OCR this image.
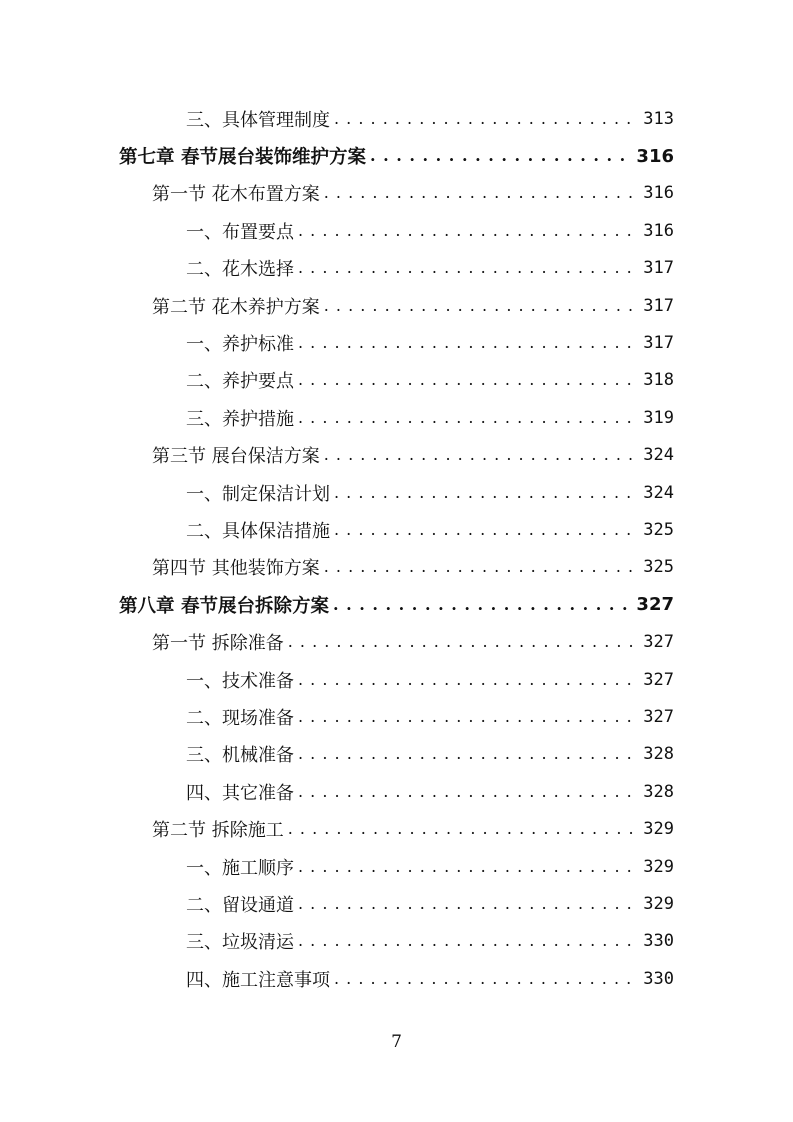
三、具体管理制度 . . .	313
第七章 春节展台装饰维护方案 . . .	316
第一节 花木布置方案 . . .	316
一、布置要点 . . .	316
二、花木选择 . . .	317
第二节 花木养护方案 . . .	317
一、养护标准 . . .	317
二、养护要点 . . .	318
三、养护措施 . . .	319
第三节 展台保洁方案 . . .	324
一、制定保洁计划 . . .	324
二、具体保洁措施 . . .	325
第四节 其他装饰方案 . . .	325
第八章 春节展台拆除方案 . . .	327
第一节 拆除准备 . . .	327
一、技术准备 . . .	327
二、现场准备 . . .	327
三、机械准备 . . .	328
四、其它准备 . . .	328
第二节 拆除施工 . . .	329
一、施工顺序 . . .	329
二、留设通道 . . .	329
三、垃圾清运 . . .	330
四、施工注意事项 . . .	330
7
